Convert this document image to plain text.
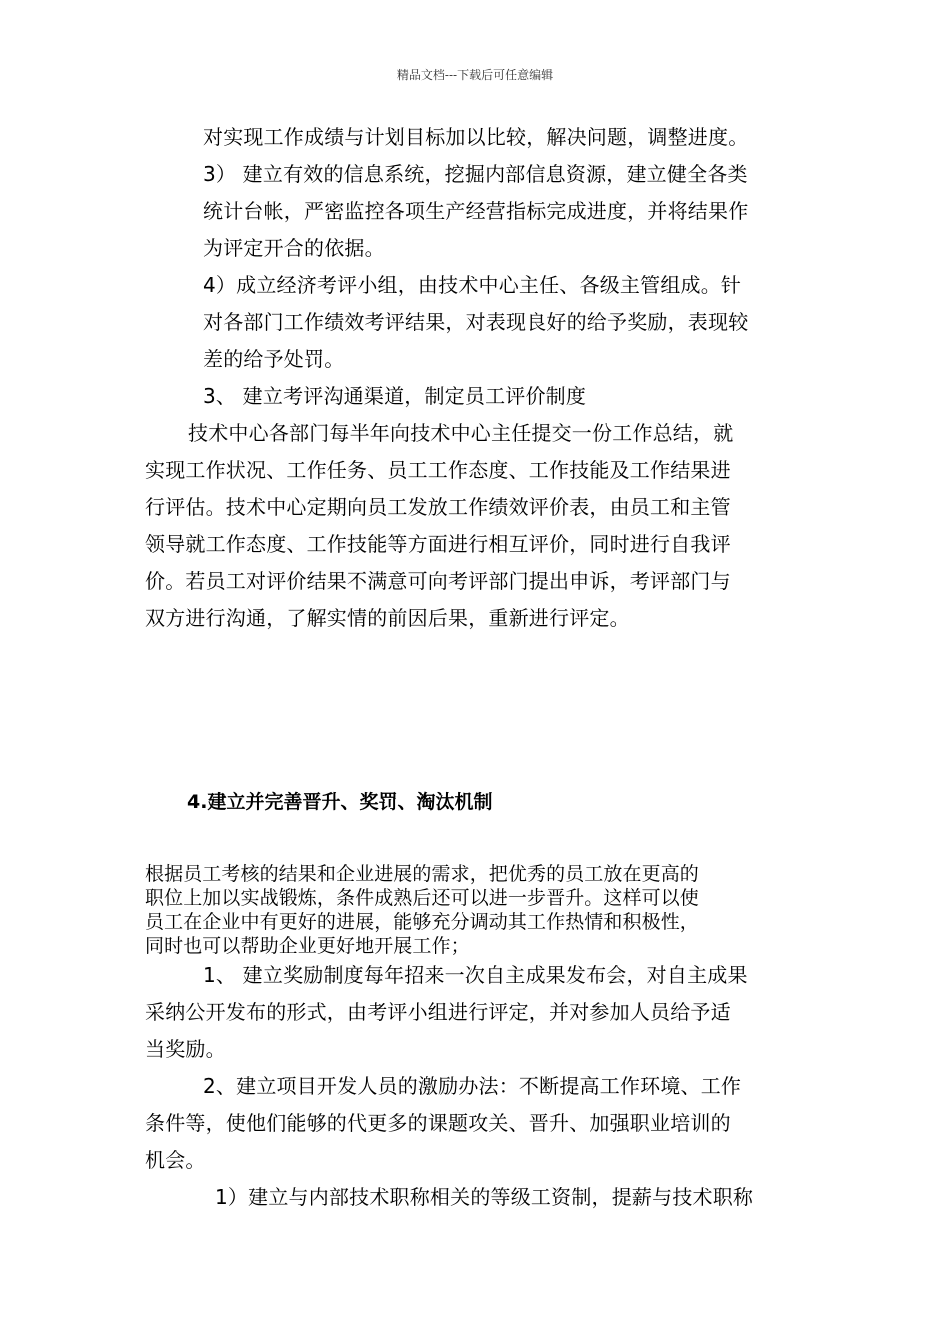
精品文档---下载后可任意编辑
对实现工作成绩与计划目标加以比较，解决问题，调整进度。
3） 建立有效的信息系统，挖掘内部信息资源，建立健全各类
统计台帐，严密监控各项生产经营指标完成进度，并将结果作
为评定开合的依据。
4）成立经济考评小组，由技术中心主任、各级主管组成。针
对各部门工作绩效考评结果，对表现良好的给予奖励，表现较
差的给予处罚。
3、 建立考评沟通渠道，制定员工评价制度
技术中心各部门每半年向技术中心主任提交一份工作总结，就
实现工作状况、工作任务、员工工作态度、工作技能及工作结果进
行评估。技术中心定期向员工发放工作绩效评价表，由员工和主管
领导就工作态度、工作技能等方面进行相互评价，同时进行自我评
价。若员工对评价结果不满意可向考评部门提出申诉，考评部门与
双方进行沟通，了解实情的前因后果，重新进行评定。
4.建立并完善晋升、奖罚、淘汰机制
根据员工考核的结果和企业进展的需求，把优秀的员工放在更高的
职位上加以实战锻炼，条件成熟后还可以进一步晋升。这样可以使
员工在企业中有更好的进展，能够充分调动其工作热情和积极性，
同时也可以帮助企业更好地开展工作；
1、 建立奖励制度每年招来一次自主成果发布会，对自主成果
采纳公开发布的形式，由考评小组进行评定，并对参加人员给予适
当奖励。
2、建立项目开发人员的激励办法：不断提高工作环境、工作
条件等，使他们能够的代更多的课题攻关、晋升、加强职业培训的
机会。
1）建立与内部技术职称相关的等级工资制，提薪与技术职称
